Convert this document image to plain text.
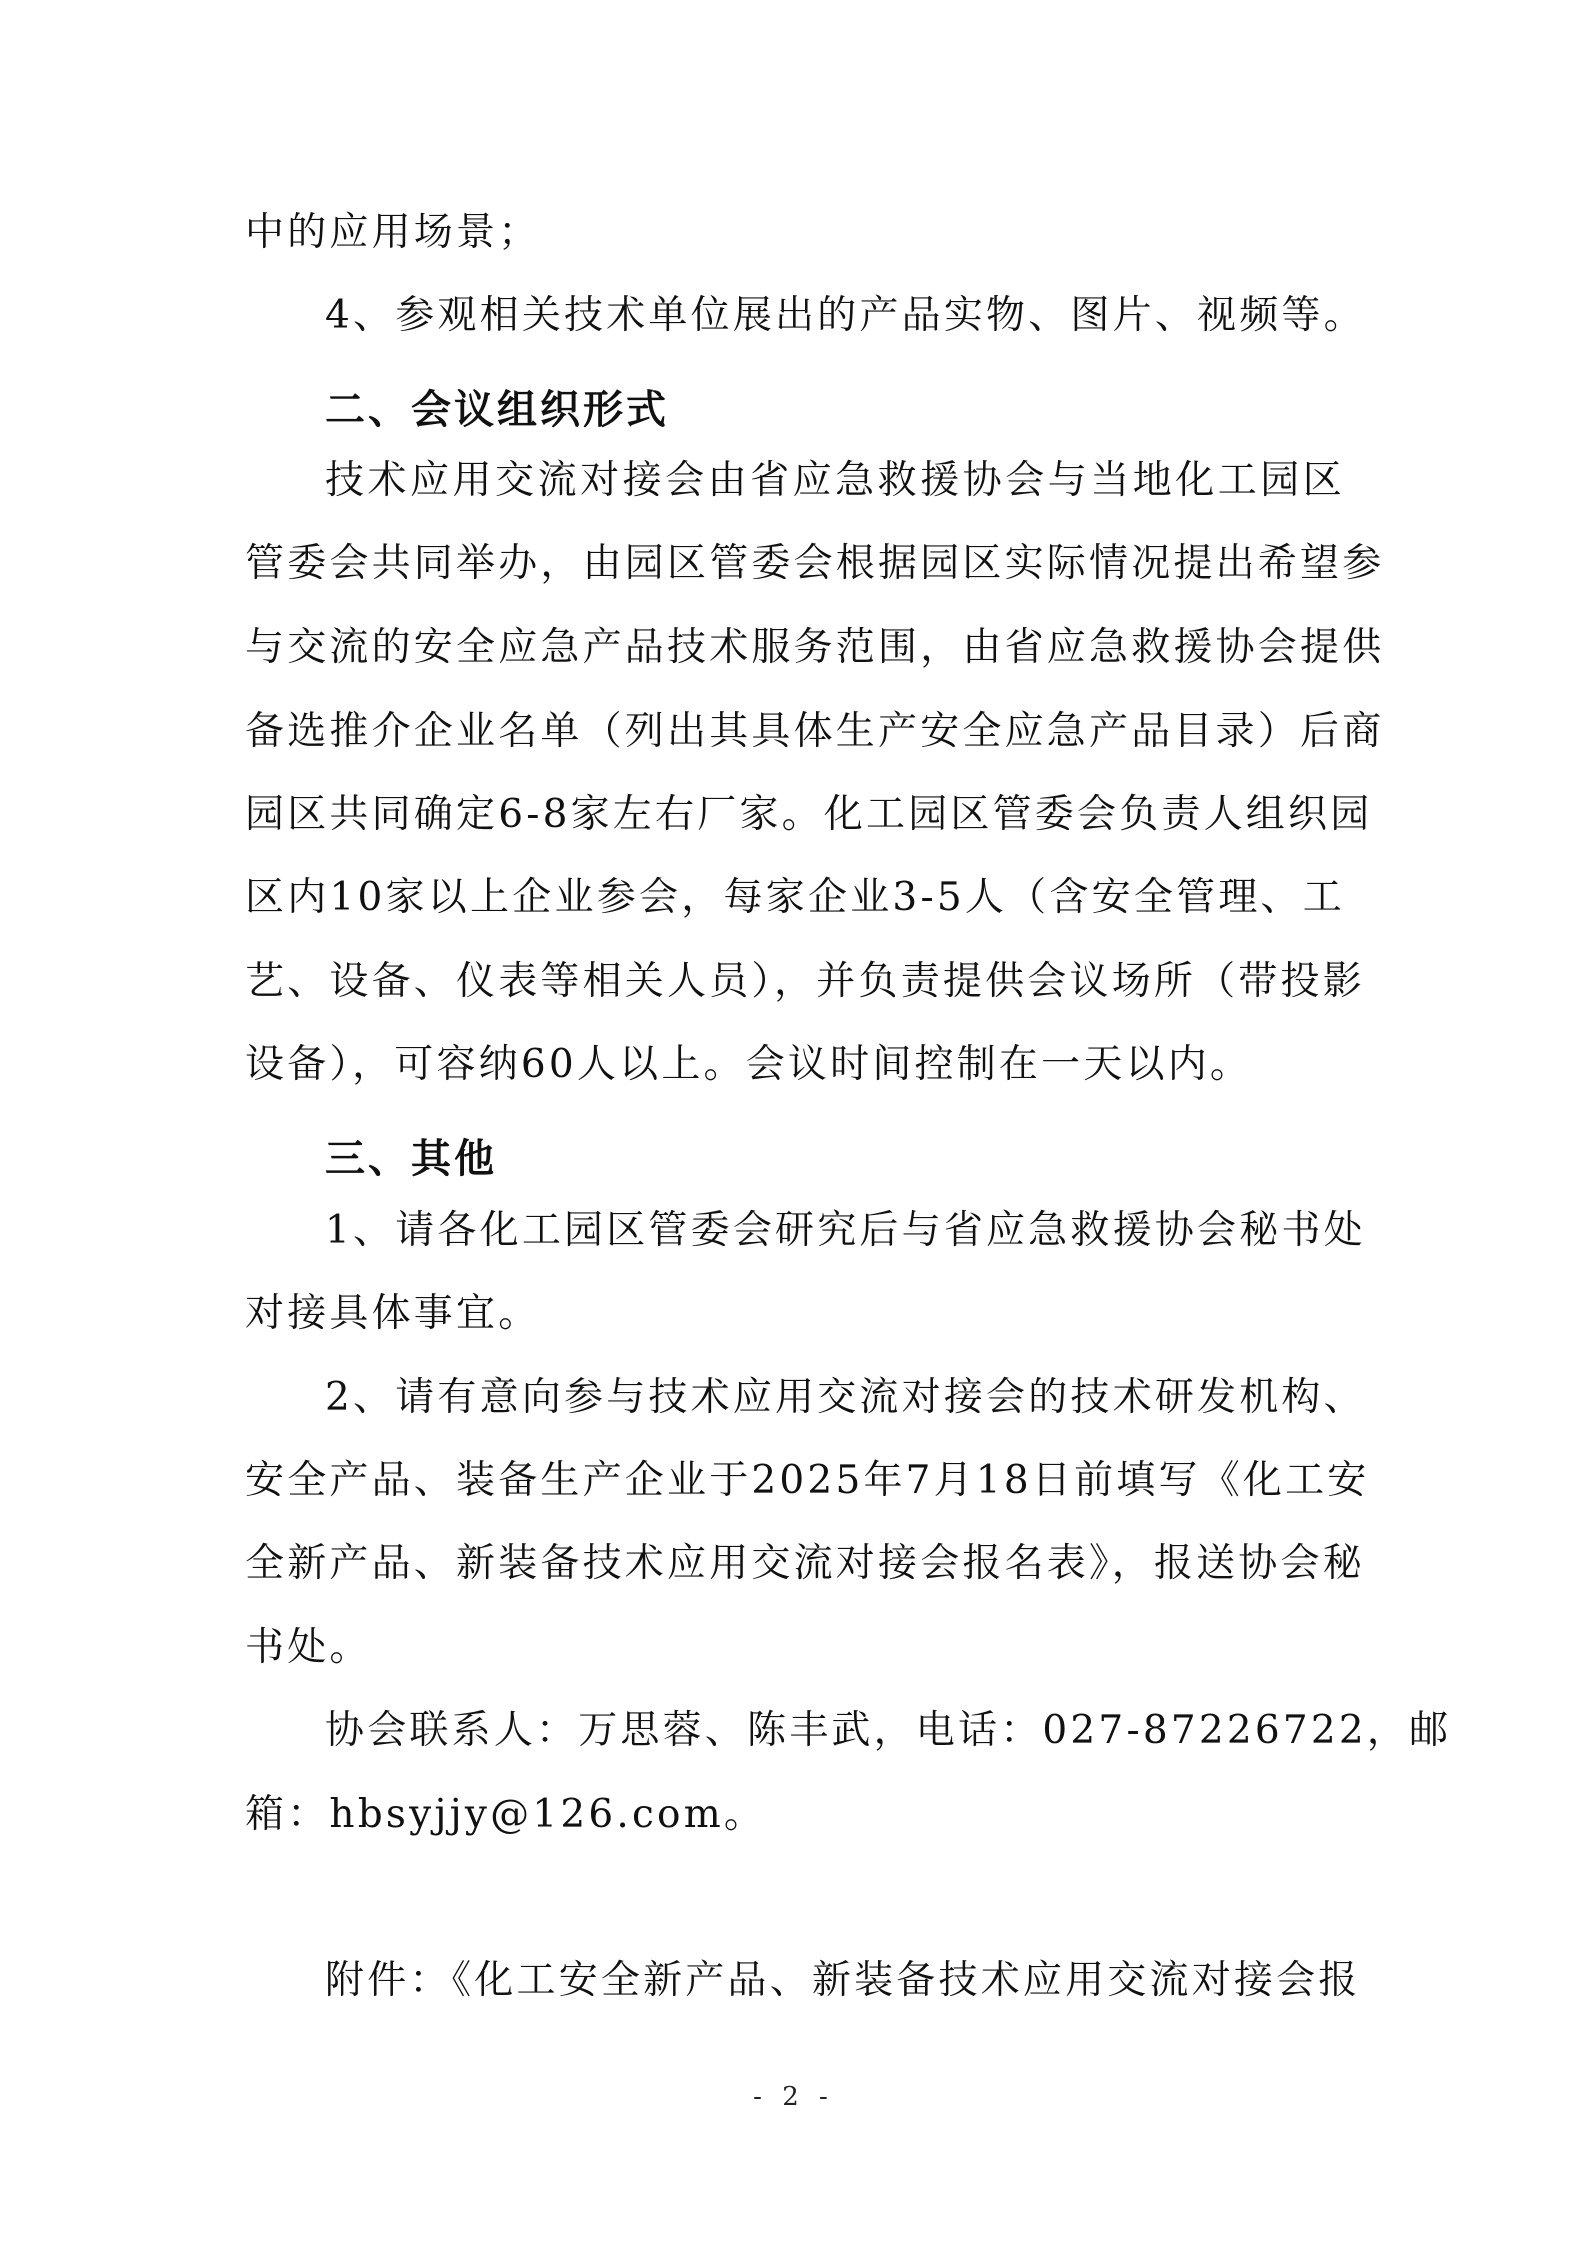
中的应用场景；
4、参观相关技术单位展出的产品实物、图片、视频等。
二、会议组织形式
技术应用交流对接会由省应急救援协会与当地化工园区
管委会共同举办，由园区管委会根据园区实际情况提出希望参
与交流的安全应急产品技术服务范围，由省应急救援协会提供
备选推介企业名单（列出其具体生产安全应急产品目录）后商
园区共同确定6-8家左右厂家。化工园区管委会负责人组织园
区内10家以上企业参会，每家企业3-5人（含安全管理、工
艺、设备、仪表等相关人员），并负责提供会议场所（带投影
设备），可容纳60人以上。会议时间控制在一天以内。
三、其他
1、请各化工园区管委会研究后与省应急救援协会秘书处
对接具体事宜。
2、请有意向参与技术应用交流对接会的技术研发机构、
安全产品、装备生产企业于2025年7月18日前填写《化工安
全新产品、新装备技术应用交流对接会报名表》，报送协会秘
书处。
协会联系人：万思蓉、陈丰武，电话：027-87226722，邮
箱：hbsyjjy@126.com。
附件：《化工安全新产品、新装备技术应用交流对接会报
- 2 -
